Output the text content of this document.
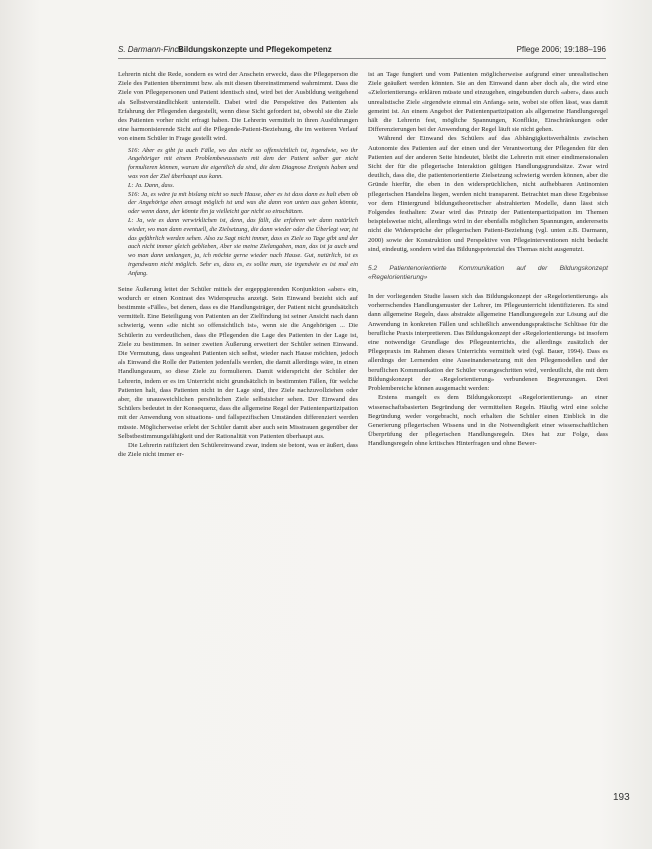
S. Darmann-Finck
Bildungskonzepte und Pflegekompetenz	Pflege 2006; 19:188–196

Lehrerin nicht die Rede, sondern es wird der Anschein erweckt, dass die Pflegeperson die Ziele des Patienten übernimmt bzw. als mit diesen übereinstimmend wahrnimmt. Dass die Ziele von Pflegepersonen und Patient identisch sind, wird bei der Ausbildung weitgehend als Selbstverständlichkeit unterstellt. Dabei wird die Perspektive des Patienten als Erfahrung der Pflegenden dargestellt, wenn diese Sicht gefordert ist, obwohl sie die Ziele des Patienten vorher nicht erfragt haben. Die Lehrerin vermittelt in ihren Ausführungen eine harmonisierende Sicht auf die Pflegende-Patient-Beziehung, die im weiteren Verlauf von einem Schüler in Frage gestellt wird.

S16: Aber es gibt ja auch Fälle, wo das nicht so offensichtlich ist, irgendwie, wo ihr Angehöriger mit einem Problembewusstsein mit dem der Patient selber gar nicht formulieren können, warum die eigentlich da sind, die dem Diagnose Ereignis haben und was von der Ziel überhaupt aus kann.

L: Ja. Dann, dass.

S16: Ja, es wäre ja mit bislang nicht so nach Hause, aber es ist dass dann es halt eben ob der Angehörige eben ansagt möglich ist und was die dann von unten aus geben könnte, oder wenn dann, der könnte ihn ja vielleicht gar nicht so einschätzen.

L: Ja, wie es dann verwirklichen ist, denn, das fällt, die erfahren wir dann natürlich wieder, wo man dann eventuell, die Zielsetzung, die dann wieder oder die Überlegt war, ist das gefährlich werden sehen. Also zu Sagt nicht immer, dass es Ziele so Tage gibt und der auch nicht immer gleich geblieben, Aber sie meine Zielangaben, man, das ist ja auch und wo man dann umlangen, ja, ich möchte gerne wieder nach Hause. Gut, natürlich, ist es irgendwann nicht möglich. Sehr es, dass es, es sollte man, sie irgendwie es ist mal ein Anfang.

Seine Äußerung leitet der Schüler mittels der ergeppgierenden Konjunktion «aber» ein, wodurch er einen Kontrast des Widerspruchs anzeigt. Sein Einwand bezieht sich auf bestimmte «Fälle», bei denen, dass es die Handlungsträger, der Patient nicht grundsätzlich vermittelt. Eine Beteiligung von Patienten an der Zielfindung ist seiner Ansicht nach dann schwierig, wenn «die nicht so offensichtlich ist», wenn sie die Angehörigen ... Die Schülerin zu verdeutlichen, dass die Pflegenden die Lage des Patienten in der Lage ist, Ziele zu bestimmen. In seiner zweiten Äußerung erweitert der Schüler seinen Einwand. Die Vermutung, dass ungeahnt Patienten sich selbst, wieder nach Hause möchten, jedoch als Einwand die Rolle der Patienten jedenfalls werden, die damit allerdings wäre, in einen Handlungsraum, so diese Ziele zu formulieren. Damit widerspricht der Schüler der Lehrerin, indem er es im Unterricht nicht grundsätzlich in bestimmten Fällen, für welche Patienten halt, dass Patienten nicht in der Lage sind, ihre Ziele nachzuvollziehen oder aber, die unausweichlichen persönlichen Ziele selbstsicher sehen. Der Einwand des Schülers bedeutet in der Konsequenz, dass die allgemeine Regel der Patientenpartizipation mit der Anwendung von situations- und fallspezifischen Umständen differenziert werden müsste. Möglicherweise erlebt der Schüler damit aber auch sein Misstrauen gegenüber der Selbstbestimmungsfähigkeit und der Rationalität von Patienten überhaupt aus.

Die Lehrerin ratifiziert den Schülereinwand zwar, indem sie betont, was er äußert, dass die Ziele nicht immer er-

ist an Tage fungiert und vom Patienten möglicherweise aufgrund einer unrealistischen Ziele geäußert werden könnten. Sie an den Einwand dann aber doch als, die wird eine «Zielorientierung» erklären müsste und einzugehen, eingebunden durch «aber», dass auch unrealistische Ziele «irgendwie einmal ein Anfang» sein, wobei sie offen lässt, was damit gemeint ist. An einem Angebot der Patientenpartizipation als allgemeine Handlungsregel hält die Lehrerin fest, mögliche Spannungen, Konflikte, Einschränkungen oder Differenzierungen bei der Anwendung der Regel läuft sie nicht gehen.

Während der Einwand des Schülers auf das Abhängigkeitsverhältnis zwischen Autonomie des Patienten auf der einen und der Verantwortung der Pflegenden für den Patienten auf der anderen Seite hindeutet, bleibt die Lehrerin mit einer eindimensionalen Sicht der für die pflegerische Interaktion gültigen Handlungsgrundsätze. Zwar wird deutlich, dass die, die patientenorientierte Zielsetzung schwierig werden können, aber die Gründe hierfür, die eben in den widersprüchlichen, nicht aufhebbaren Antinomien pflegerischen Handelns liegen, werden nicht transparent. Betrachtet man diese Ergebnisse vor dem Hintergrund bildungstheoretischer abstrahierten Modelle, dann lässt sich Folgendes festhalten: Zwar wird das Prinzip der Patientenpartizipation im Themen beispielsweise nicht, allerdings wird in der ebenfalls möglichen Spannungen, andererseits nicht die Widersprüche der pflegerischen Patient-Beziehung (vgl. unten z.B. Darmann, 2000) sowie der Konstruktion und Perspektive von Pflegeinterventionen nicht bedacht sind, eindeutig, sondern wird das Bildungspotenzial des Themas nicht ausgenutzt.

5.2 Patientenorientierte Kommunikation auf der Bildungskonzept «Regelorientierung»

In der vorliegenden Studie lassen sich das Bildungskonzept der «Regelorientierung» als vorherrschendes Handlungsmuster der Lehrer, im Pflegeunterricht identifizieren. Es sind dann allgemeine Regeln, dass abstrakte allgemeine Handlungsregeln zur Lösung auf die Anwendung in konkreten Fällen und schließlich anwendungspraktische Schlüsse für die berufliche Praxis interpretieren. Das Bildungskonzept der «Regelorientierung» ist insofern eine notwendige Grundlage des Pflegeunterrichts, die allerdings zusätzlich der Pflegepraxis im Rahmen dieses Unterrichts vermittelt wird (vgl. Bauer, 1994). Dass es allerdings der Lernenden eine Auseinandersetzung mit den Pflegemodellen und der beruflichen Kommunikation der Schüler vorangeschritten wird, verdeutlicht, die mit dem Bildungskonzept der «Regelorientierung» verbundenen Begrenzungen. Drei Problembereiche können ausgemacht werden:

Erstens mangelt es dem Bildungskonzept «Regelorientierung» an einer wissenschaftsbasierten Begründung der vermittelten Regeln. Häufig wird eine solche Begründung weder vorgebracht, noch erhalten die Schüler einen Einblick in die Generierung pflegerischen Wissens und in die Notwendigkeit einer wissenschaftlichen Überprüfung der pflegerischen Handlungsregeln. Dies hat zur Folge, dass Handlungsregeln ohne kritisches Hinterfragen und ohne Bewer-

193
